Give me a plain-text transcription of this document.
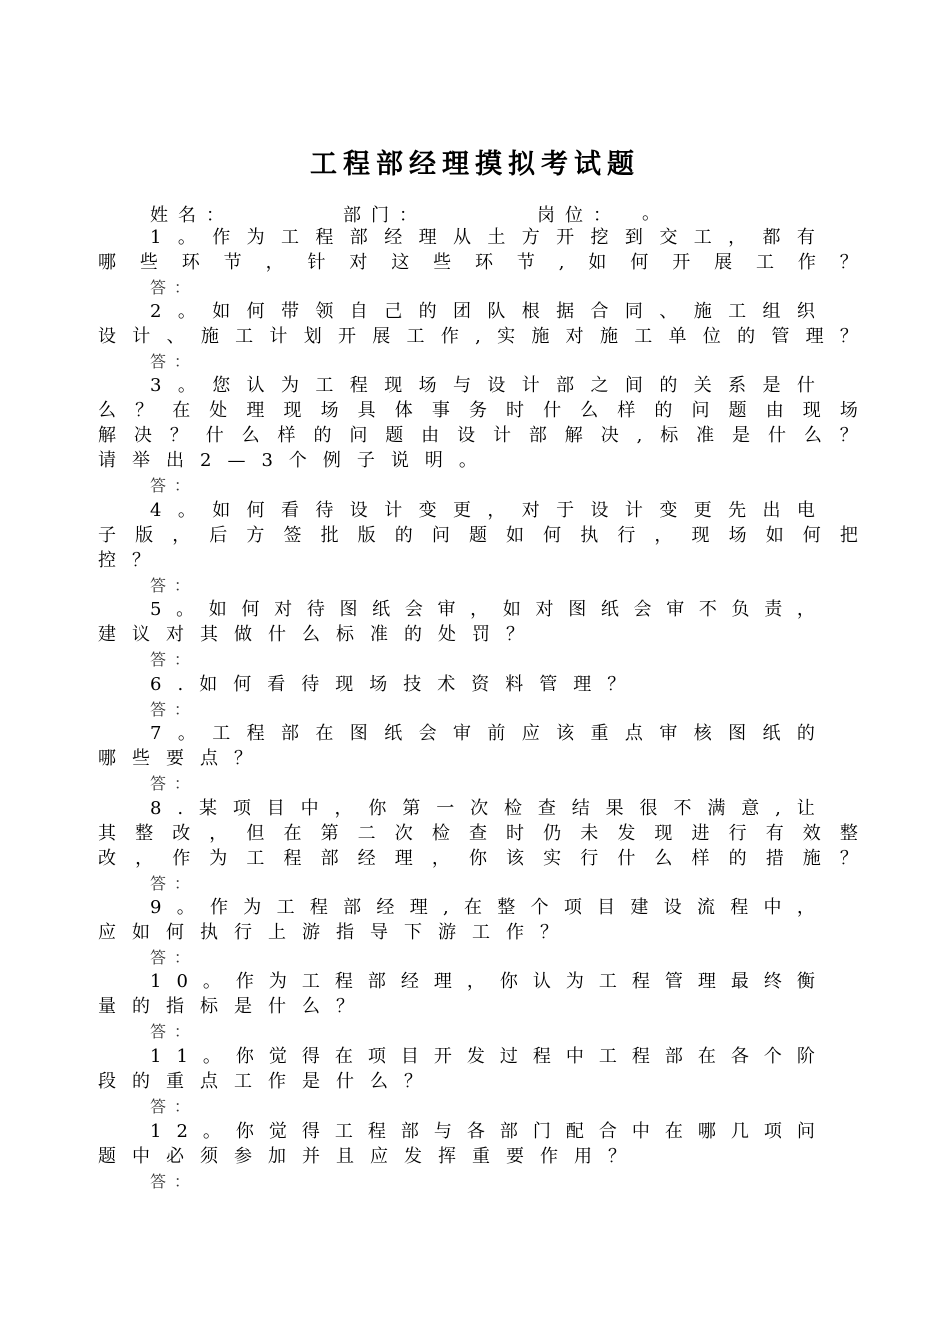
工程部经理摸拟考试题
姓名：	部门：	岗位： 。
1 。 作 为 工 程 部 经 理 从 土 方 开 挖 到 交 工 ， 都 有
哪 些 环 节 ， 针 对 这 些 环 节 , 如 何 开 展 工 作 ？
答：
2 。 如 何 带 领 自 己 的 团 队 根 据 合 同 、 施 工 组 织
设 计 、 施 工 计 划 开 展 工 作 , 实 施 对 施 工 单 位 的 管 理 ？
答：
3 。 您 认 为 工 程 现 场 与 设 计 部 之 间 的 关 系 是 什
么 ？ 在 处 理 现 场 具 体 事 务 时 什 么 样 的 问 题 由 现 场
解 决 ？ 什 么 样 的 问 题 由 设 计 部 解 决 , 标 准 是 什 么 ？
请 举 出 2 — 3 个 例 子 说 明 。
答：
4 。 如 何 看 待 设 计 变 更 ， 对 于 设 计 变 更 先 出 电
子 版 ， 后 方 签 批 版 的 问 题 如 何 执 行 ， 现 场 如 何 把
控 ？
答：
5 。 如 何 对 待 图 纸 会 审 ， 如 对 图 纸 会 审 不 负 责 ，
建 议 对 其 做 什 么 标 准 的 处 罚 ？
答：
6 . 如 何 看 待 现 场 技 术 资 料 管 理 ？
答：
7 。 工 程 部 在 图 纸 会 审 前 应 该 重 点 审 核 图 纸 的
哪 些 要 点 ？
答：
8 . 某 项 目 中 ， 你 第 一 次 检 查 结 果 很 不 满 意 , 让
其 整 改 ， 但 在 第 二 次 检 查 时 仍 未 发 现 进 行 有 效 整
改 ， 作 为 工 程 部 经 理 ， 你 该 实 行 什 么 样 的 措 施 ？
答：
9 。 作 为 工 程 部 经 理 , 在 整 个 项 目 建 设 流 程 中 ，
应 如 何 执 行 上 游 指 导 下 游 工 作 ？
答：
1 0 。 作 为 工 程 部 经 理 ， 你 认 为 工 程 管 理 最 终 衡
量 的 指 标 是 什 么 ？
答：
1 1 。 你 觉 得 在 项 目 开 发 过 程 中 工 程 部 在 各 个 阶
段 的 重 点 工 作 是 什 么 ？
答：
1 2 。 你 觉 得 工 程 部 与 各 部 门 配 合 中 在 哪 几 项 问
题 中 必 须 参 加 并 且 应 发 挥 重 要 作 用 ？
答：
